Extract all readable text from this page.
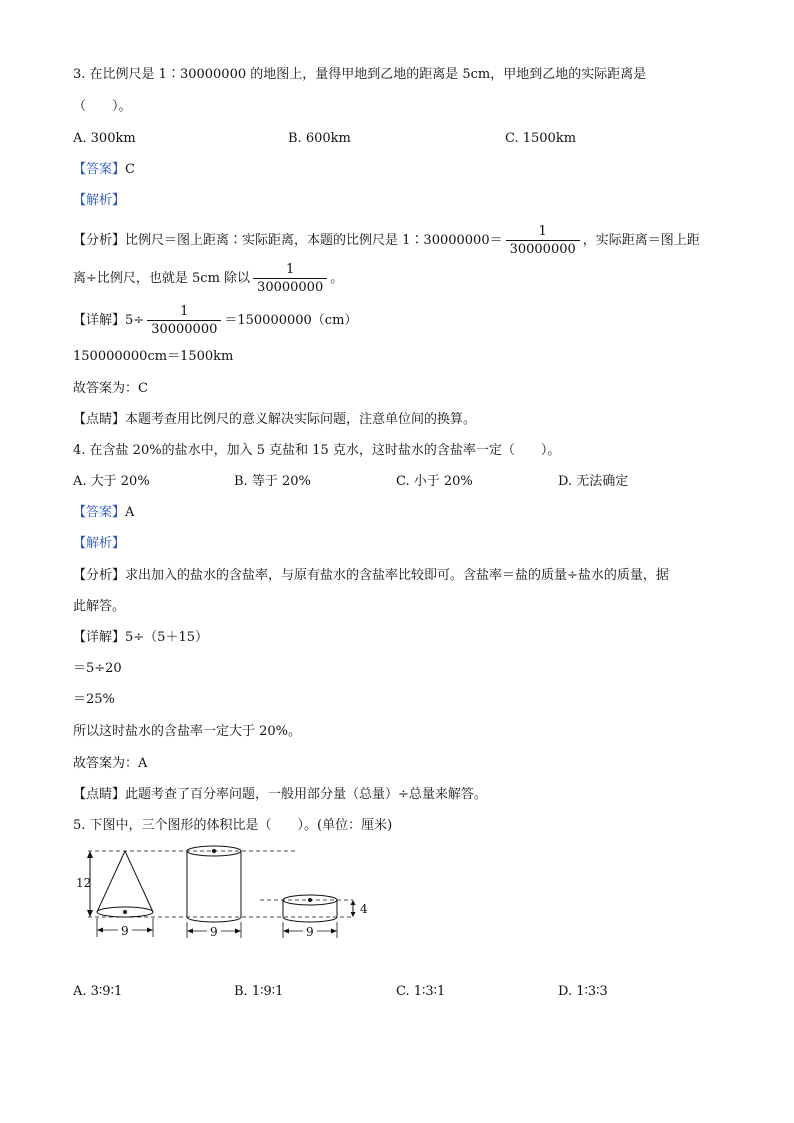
3. 在比例尺是 1∶30000000 的地图上，量得甲地到乙地的距离是 5cm，甲地到乙地的实际距离是
（　　）。
A. 300km	B. 600km	C. 1500km
【答案】C
【解析】
【分析】比例尺＝图上距离∶实际距离，本题的比例尺是 1∶30000000＝ $\frac{1}{30000000}$ ，实际距离＝图上距
离÷比例尺，也就是 5cm 除以 $\frac{1}{30000000}$ 。
【详解】$5\div \frac{1}{30000000} =150000000(cm)$
150000000cm＝1500km
故答案为：C
【点睛】本题考查用比例尺的意义解决实际问题，注意单位间的换算。
4. 在含盐 20%的盐水中，加入 5 克盐和 15 克水，这时盐水的含盐率一定（　　）。
A. 大于 20%	B. 等于 20%	C. 小于 20%	D. 无法确定
【答案】A
【解析】
【分析】求出加入的盐水的含盐率，与原有盐水的含盐率比较即可。含盐率＝盐的质量÷盐水的质量，据
此解答。
【详解】5÷（5＋15）
＝5÷20
＝25%
所以这时盐水的含盐率一定大于 20%。
故答案为：A
【点睛】此题考查了百分率问题，一般用部分量（总量）÷总量来解答。
5. 下图中，三个图形的体积比是（　　）。(单位：厘米)
12
9	9
4
9
A. 3∶9∶1	B. 1∶9∶1	C. 1∶3∶1	D. 1∶3∶3
